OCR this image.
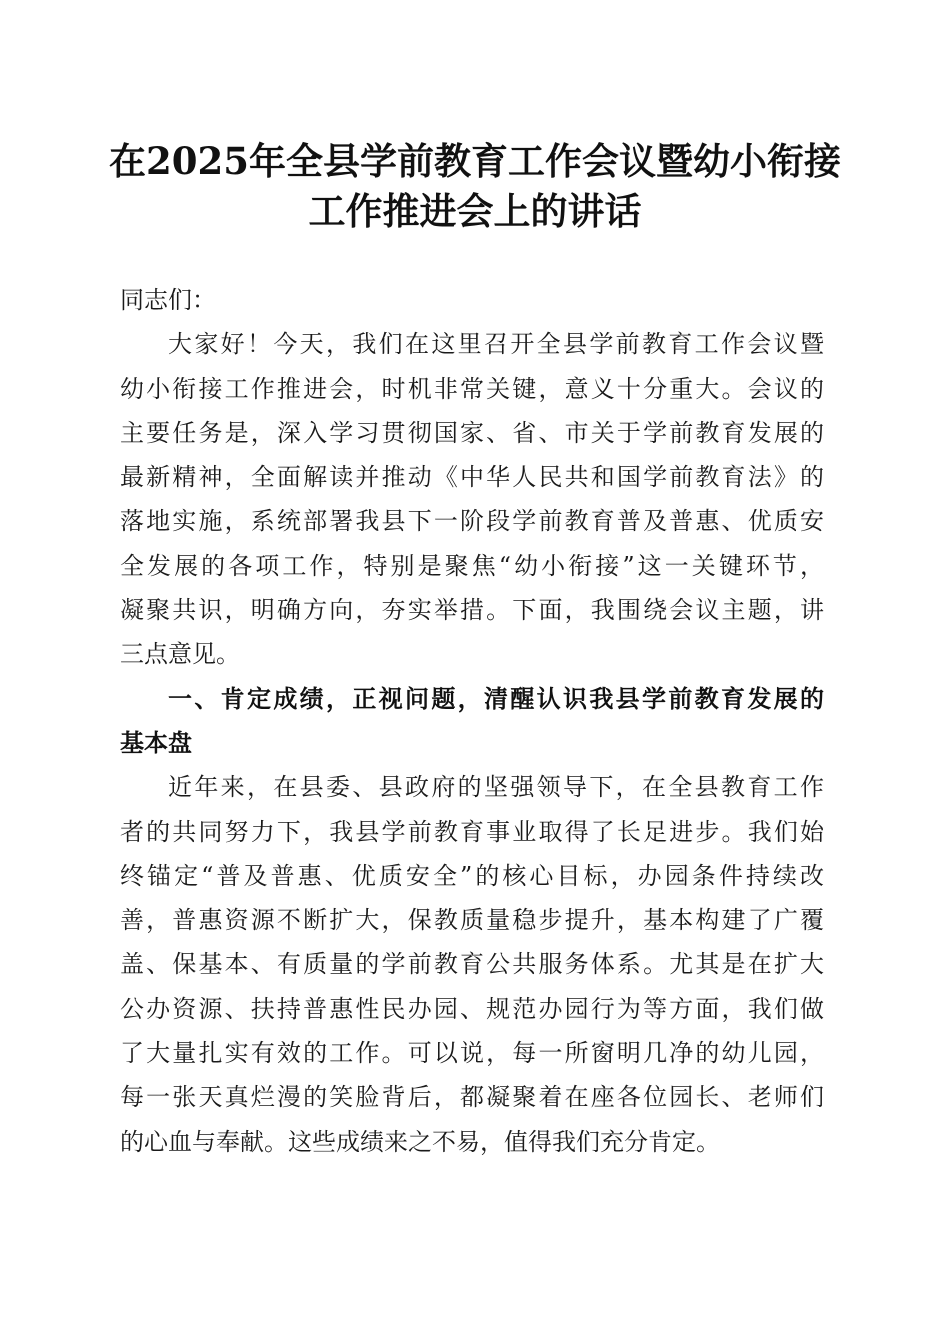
在2025年全县学前教育工作会议暨幼小衔接
工作推进会上的讲话
同志们：
大家好！今天，我们在这里召开全县学前教育工作会议暨
幼小衔接工作推进会，时机非常关键，意义十分重大。会议的
主要任务是，深入学习贯彻国家、省、市关于学前教育发展的
最新精神，全面解读并推动《中华人民共和国学前教育法》的
落地实施，系统部署我县下一阶段学前教育普及普惠、优质安
全发展的各项工作，特别是聚焦“幼小衔接”这一关键环节，
凝聚共识，明确方向，夯实举措。下面，我围绕会议主题，讲
三点意见。
一、肯定成绩，正视问题，清醒认识我县学前教育发展的
基本盘
近年来，在县委、县政府的坚强领导下，在全县教育工作
者的共同努力下，我县学前教育事业取得了长足进步。我们始
终锚定“普及普惠、优质安全”的核心目标，办园条件持续改
善，普惠资源不断扩大，保教质量稳步提升，基本构建了广覆
盖、保基本、有质量的学前教育公共服务体系。尤其是在扩大
公办资源、扶持普惠性民办园、规范办园行为等方面，我们做
了大量扎实有效的工作。可以说，每一所窗明几净的幼儿园，
每一张天真烂漫的笑脸背后，都凝聚着在座各位园长、老师们
的心血与奉献。这些成绩来之不易，值得我们充分肯定。
